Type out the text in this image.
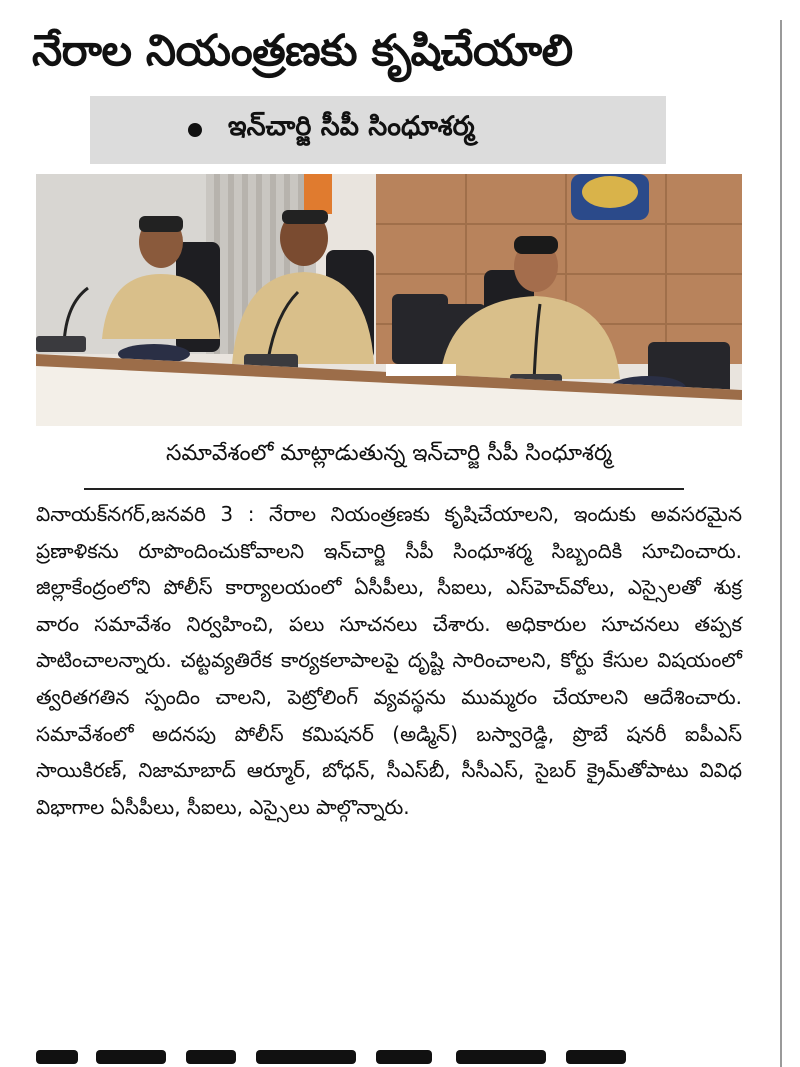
నేరాల నియంత్రణకు కృషిచేయాలి
ఇన్‌చార్జి సీపీ సింధూశర్మ
సమావేశంలో మాట్లాడుతున్న ఇన్‌చార్జి సీపీ సింధూశర్మ

వినాయక్‌నగర్‌,జనవరి 3 : నేరాల నియంత్రణకు కృషిచేయాలని, ఇందుకు అవసరమైన ప్రణాళికను రూపొందించుకోవాలని ఇన్‌చార్జి సీపీ సింధూశర్మ సిబ్బందికి సూచించారు. జిల్లాకేంద్రంలోని పోలీస్‌ కార్యాలయంలో ఏసీపీలు, సీఐలు, ఎస్‌హెచ్‌వోలు, ఎస్సైలతో శుక్ర వారం సమావేశం నిర్వహించి, పలు సూచనలు చేశారు. అధికారుల సూచనలు తప్పక పాటించాలన్నారు. చట్టవ్యతిరేక కార్యకలాపాలపై దృష్టి సారించాలని, కోర్టు కేసుల విషయంలో త్వరితగతిన స్పందిం చాలని, పెట్రోలింగ్‌ వ్యవస్థను ముమ్మరం చేయాలని ఆదేశించారు. సమావేశంలో అదనపు పోలీస్‌ కమిషనర్‌ (అడ్మిన్‌) బస్వారెడ్డి, ప్రొబే షనరీ ఐపీఎస్‌ సాయికిరణ్‌, నిజామాబాద్‌ ఆర్మూర్‌, బోధన్‌, సీఎస్‌బీ, సీసీఎస్‌, సైబర్‌ క్రైమ్‌తోపాటు వివిధ విభాగాల ఏసీపీలు, సీఐలు, ఎస్సైలు పాల్గొన్నారు.
